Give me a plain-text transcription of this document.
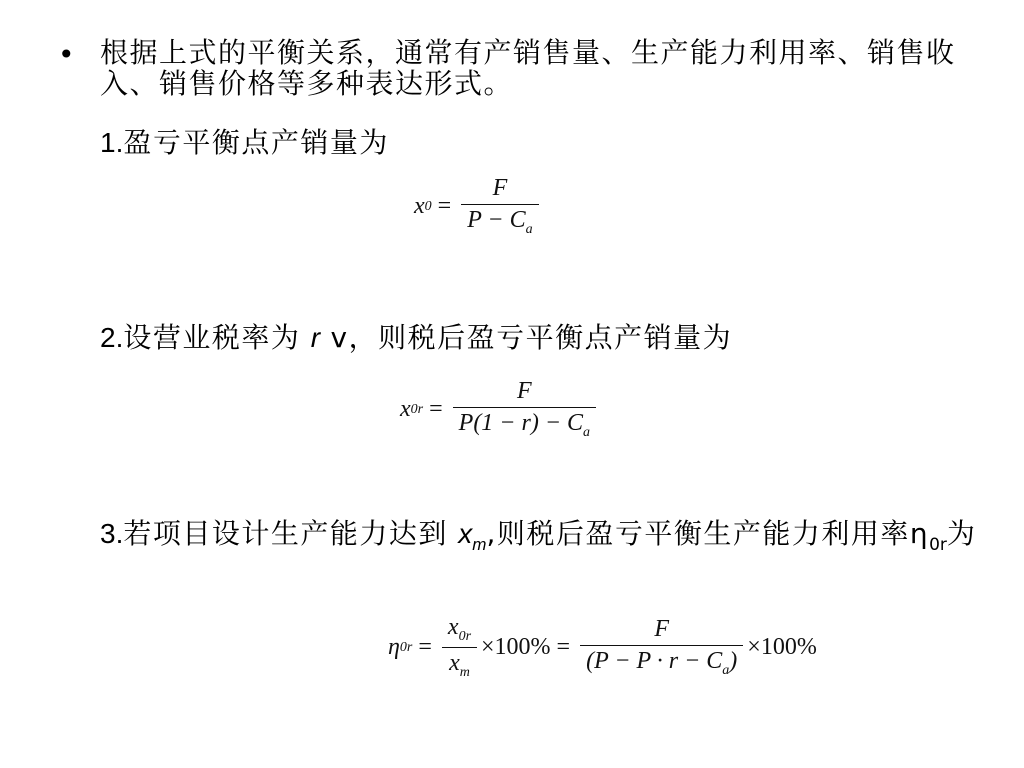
• 根据上式的平衡关系，通常有产销售量、生产能力利用率、销售收入、销售价格等多种表达形式。
1.盈亏平衡点产销量为
x $0 = \frac{F}{P - C_a}$
2.设营业税率为 r v，则税后盈亏平衡点产销量为
x $0r = \frac{F}{P(1 - r) - C_a}$
3.若项目设计生产能力达到 $x_m$,则税后盈亏平衡生产能力利用率$\eta_{0r}$为
η $0r = \frac{x_{0r}}{x_m} \times 100\% = \frac{F}{(P - P \cdot r - C_a)} \times 100\%$
